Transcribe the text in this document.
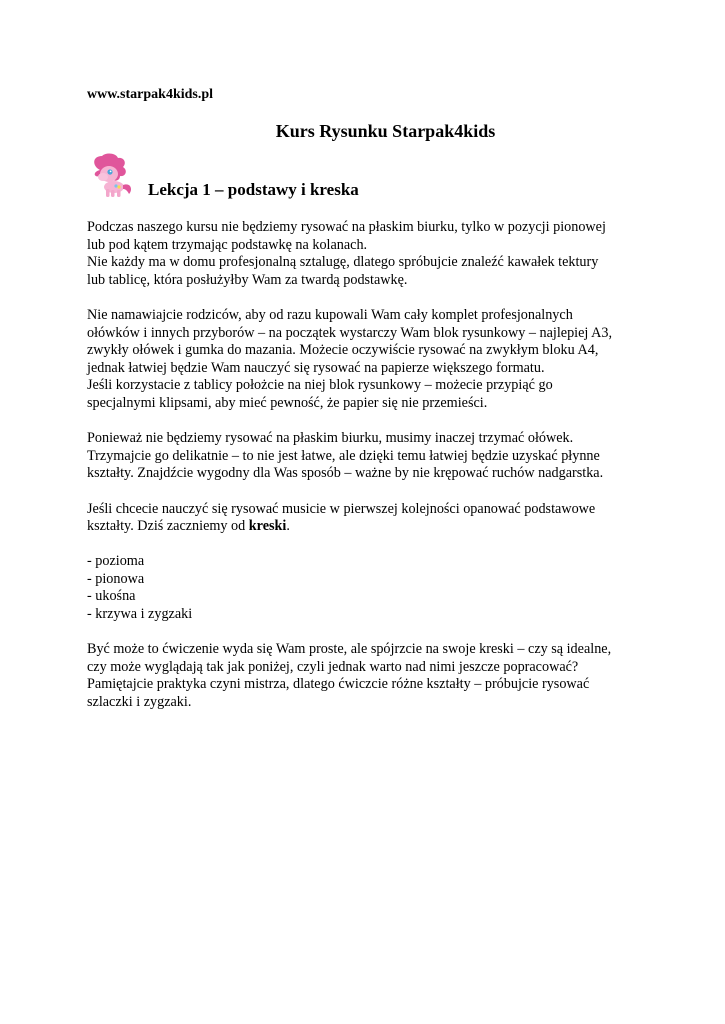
www.starpak4kids.pl
Kurs Rysunku Starpak4kids
Lekcja 1 – podstawy i kreska
Podczas naszego kursu nie będziemy rysować na płaskim biurku, tylko w pozycji pionowej
lub pod kątem trzymając podstawkę na kolanach.
Nie każdy ma w domu profesjonalną sztalugę, dlatego spróbujcie znaleźć kawałek tektury
lub tablicę, która posłużyłby Wam za twardą podstawkę.
Nie namawiajcie rodziców, aby od razu kupowali Wam cały komplet profesjonalnych
ołówków i innych przyborów – na początek wystarczy Wam blok rysunkowy – najlepiej A3,
zwykły ołówek i gumka do mazania. Możecie oczywiście rysować na zwykłym bloku A4,
jednak łatwiej będzie Wam nauczyć się rysować na papierze większego formatu.
Jeśli korzystacie z tablicy położcie na niej blok rysunkowy – możecie przypiąć go
specjalnymi klipsami, aby mieć pewność, że papier się nie przemieści.
Ponieważ nie będziemy rysować na płaskim biurku, musimy inaczej trzymać ołówek.
Trzymajcie go delikatnie – to nie jest łatwe, ale dzięki temu łatwiej będzie uzyskać płynne
kształty. Znajdźcie wygodny dla Was sposób – ważne by nie krępować ruchów nadgarstka.
Jeśli chcecie nauczyć się rysować musicie w pierwszej kolejności opanować podstawowe
kształty. Dziś zaczniemy od kreski.
- pozioma
- pionowa
- ukośna
- krzywa i zygzaki
Być może to ćwiczenie wyda się Wam proste, ale spójrzcie na swoje kreski – czy są idealne,
czy może wyglądają tak jak poniżej, czyli jednak warto nad nimi jeszcze popracować?
Pamiętajcie praktyka czyni mistrza, dlatego ćwiczcie różne kształty – próbujcie rysować
szlaczki i zygzaki.
